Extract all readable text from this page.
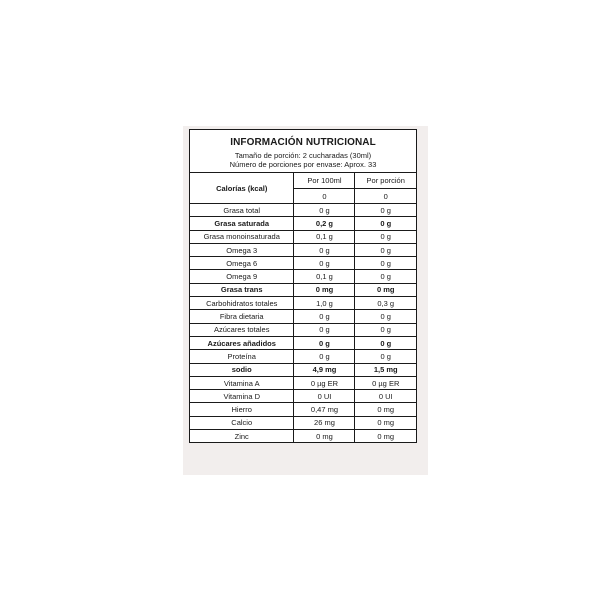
INFORMACIÓN NUTRICIONAL
Tamaño de porción: 2 cucharadas (30ml)
Número de porciones por envase: Aprox. 33
Calorías (kcal)	Por 100ml	Por porción
	0	0
Grasa total	0 g	0 g
Grasa saturada	0,2 g	0 g
Grasa monoinsaturada	0,1 g	0 g
Omega 3	0 g	0 g
Omega 6	0 g	0 g
Omega 9	0,1 g	0 g
Grasa trans	0 mg	0 mg
Carbohidratos totales	1,0 g	0,3 g
Fibra dietaria	0 g	0 g
Azúcares totales	0 g	0 g
Azúcares añadidos	0 g	0 g
Proteína	0 g	0 g
sodio	4,9 mg	1,5 mg
Vitamina A	0 µg ER	0 µg ER
Vitamina D	0 UI	0 UI
Hierro	0,47 mg	0 mg
Calcio	26 mg	0 mg
Zinc	0 mg	0 mg
